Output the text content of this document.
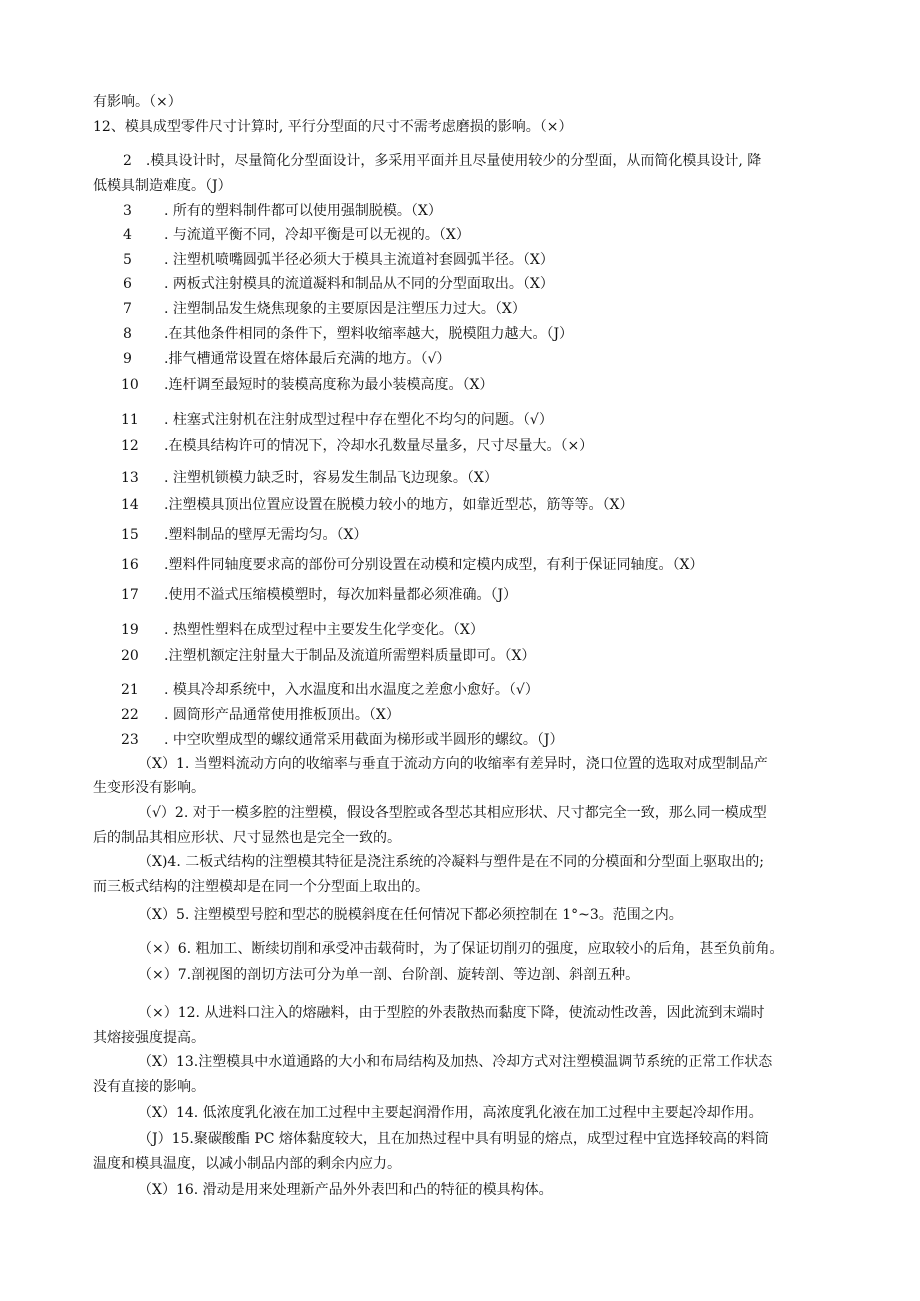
有影响。（×）
12、模具成型零件尺寸计算时, 平行分型面的尺寸不需考虑磨损的影响。（×）
2　.模具设计时，尽量简化分型面设计，多采用平面并且尽量使用较少的分型面，从而简化模具设计, 降
低模具制造难度。（J）
3 . 所有的塑料制件都可以使用强制脱模。（X）
4 . 与流道平衡不同，冷却平衡是可以无视的。（X）
5 . 注塑机喷嘴圆弧半径必须大于模具主流道衬套圆弧半径。（X）
6 . 两板式注射模具的流道凝料和制品从不同的分型面取出。（X）
7 . 注塑制品发生烧焦现象的主要原因是注塑压力过大。（X）
8 .在其他条件相同的条件下，塑料收缩率越大，脱模阻力越大。（J）
9 .排气槽通常设置在熔体最后充满的地方。（√）
10 .连杆调至最短时的装模高度称为最小装模高度。（X）
11 . 柱塞式注射机在注射成型过程中存在塑化不均匀的问题。（√）
12 .在模具结构许可的情况下，冷却水孔数量尽量多，尺寸尽量大。（×）
13 . 注塑机锁模力缺乏时，容易发生制品飞边现象。（X）
14 .注塑模具顶出位置应设置在脱模力较小的地方，如靠近型芯，筋等等。（X）
15 .塑料制品的壁厚无需均匀。（X）
16 .塑料件同轴度要求高的部份可分别设置在动模和定模内成型，有利于保证同轴度。（X）
17 .使用不溢式压缩模模塑时，每次加料量都必须准确。（J）
19 . 热塑性塑料在成型过程中主要发生化学变化。（X）
20 .注塑机额定注射量大于制品及流道所需塑料质量即可。（X）
21 . 模具冷却系统中，入水温度和出水温度之差愈小愈好。（√）
22 . 圆筒形产品通常使用推板顶出。（X）
23 . 中空吹塑成型的螺纹通常采用截面为梯形或半圆形的螺纹。（J）
（X）1. 当塑料流动方向的收缩率与垂直于流动方向的收缩率有差异时，浇口位置的选取对成型制品产
生变形没有影响。
（√）2. 对于一模多腔的注塑模，假设各型腔或各型芯其相应形状、尺寸都完全一致，那么同一模成型
后的制品其相应形状、尺寸显然也是完全一致的。
（X)4. 二板式结构的注塑模其特征是浇注系统的冷凝料与塑件是在不同的分模面和分型面上驱取出的;
而三板式结构的注塑模却是在同一个分型面上取出的。
（X）5. 注塑模型号腔和型芯的脱模斜度在任何情况下都必须控制在 1°~3。范围之内。
（×）6. 粗加工、断续切削和承受冲击载荷时，为了保证切削刃的强度，应取较小的后角，甚至负前角。
（×）7.剖视图的剖切方法可分为单一剖、台阶剖、旋转剖、等边剖、斜剖五种。
（×）12. 从进料口注入的熔融料，由于型腔的外表散热而黏度下降，使流动性改善，因此流到末端时
其熔接强度提高。
（X）13.注塑模具中水道通路的大小和布局结构及加热、冷却方式对注塑模温调节系统的正常工作状态
没有直接的影响。
（X）14. 低浓度乳化液在加工过程中主要起润滑作用，高浓度乳化液在加工过程中主要起冷却作用。
（J）15.聚碳酸酯 PC 熔体黏度较大，且在加热过程中具有明显的熔点，成型过程中宜选择较高的料筒
温度和模具温度，以减小制品内部的剩余内应力。
（X）16. 滑动是用来处理新产品外外表凹和凸的特征的模具构体。
